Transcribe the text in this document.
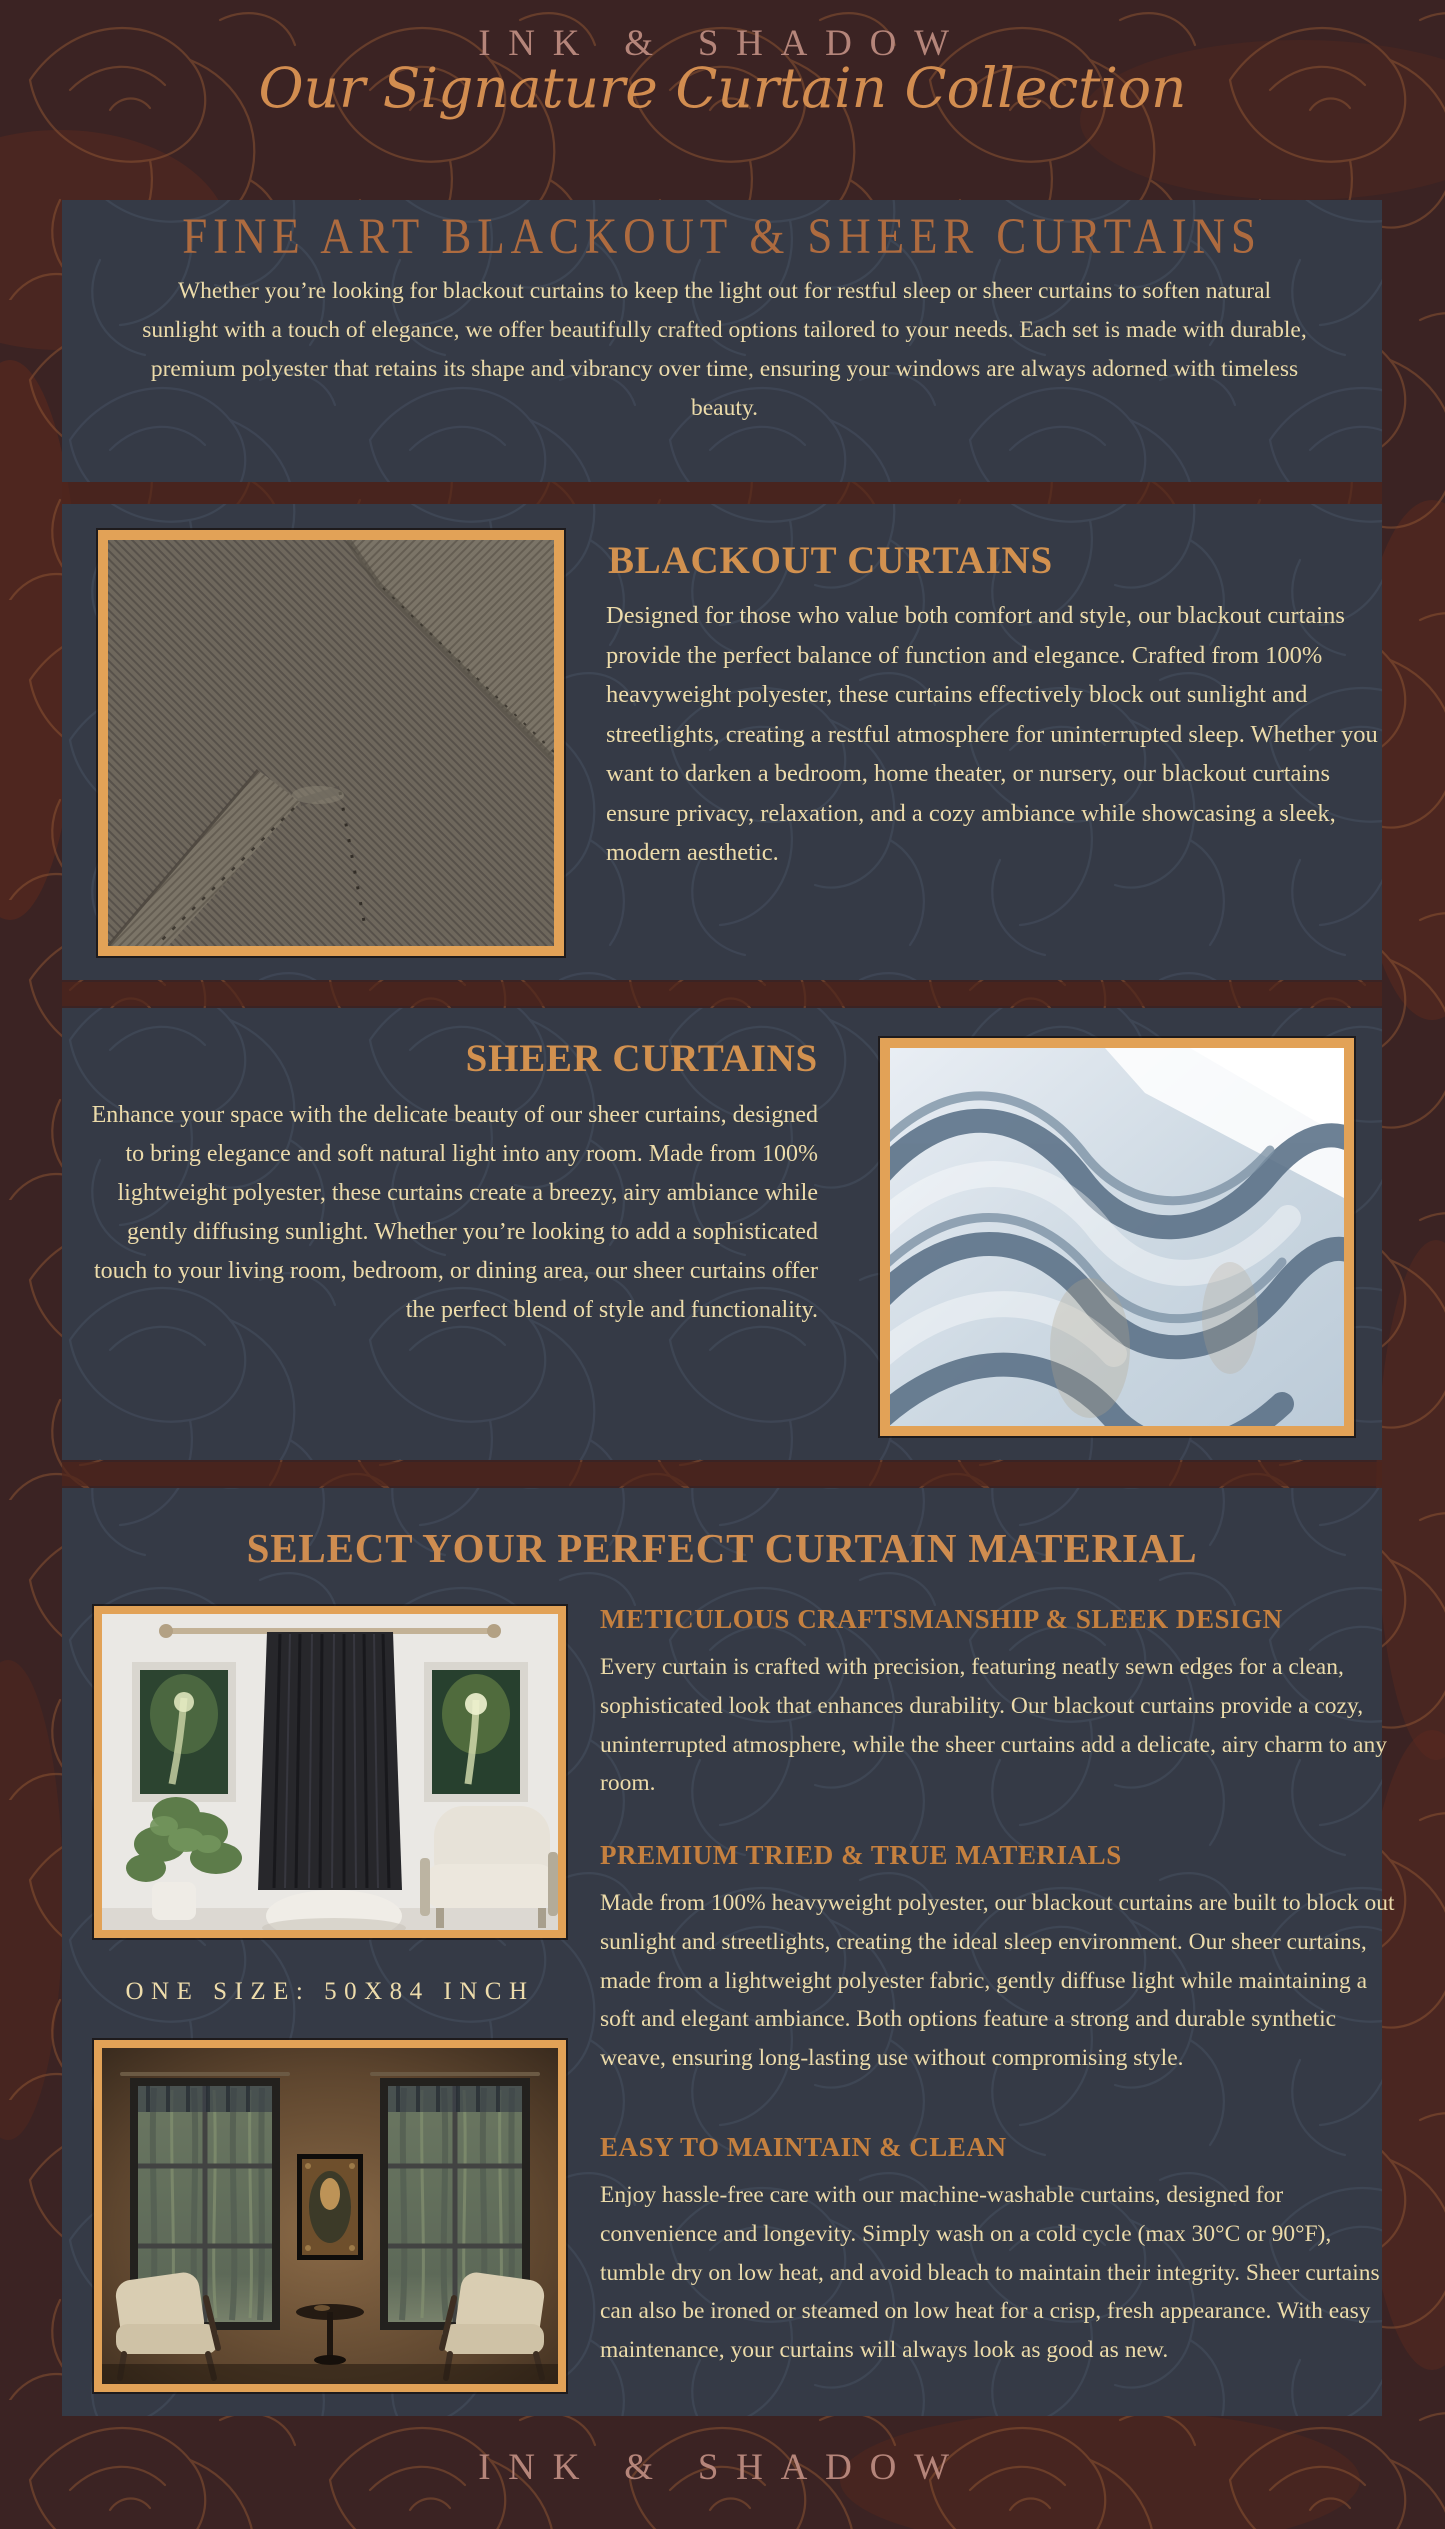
INK & SHADOW
Our Signature Curtain Collection
FINE ART BLACKOUT & SHEER CURTAINS

Whether you’re looking for blackout curtains to keep the light out for restful sleep or sheer curtains to soften natural sunlight with a touch of elegance, we offer beautifully crafted options tailored to your needs. Each set is made with durable, premium polyester that retains its shape and vibrancy over time, ensuring your windows are always adorned with timeless beauty.

BLACKOUT CURTAINS

Designed for those who value both comfort and style, our blackout curtains provide the perfect balance of function and elegance. Crafted from 100% heavyweight polyester, these curtains effectively block out sunlight and streetlights, creating a restful atmosphere for uninterrupted sleep. Whether you want to darken a bedroom, home theater, or nursery, our blackout curtains ensure privacy, relaxation, and a cozy ambiance while showcasing a sleek, modern aesthetic.

SHEER CURTAINS

Enhance your space with the delicate beauty of our sheer curtains, designed to bring elegance and soft natural light into any room. Made from 100% lightweight polyester, these curtains create a breezy, airy ambiance while gently diffusing sunlight. Whether you’re looking to add a sophisticated touch to your living room, bedroom, or dining area, our sheer curtains offer the perfect blend of style and functionality.

SELECT YOUR PERFECT CURTAIN MATERIAL
ONE SIZE: 50X84 INCH
METICULOUS CRAFTSMANSHIP & SLEEK DESIGN

Every curtain is crafted with precision, featuring neatly sewn edges for a clean, sophisticated look that enhances durability. Our blackout curtains provide a cozy, uninterrupted atmosphere, while the sheer curtains add a delicate, airy charm to any room.

PREMIUM TRIED & TRUE MATERIALS

Made from 100% heavyweight polyester, our blackout curtains are built to block out sunlight and streetlights, creating the ideal sleep environment. Our sheer curtains, made from a lightweight polyester fabric, gently diffuse light while maintaining a soft and elegant ambiance. Both options feature a strong and durable synthetic weave, ensuring long-lasting use without compromising style.

EASY TO MAINTAIN & CLEAN

Enjoy hassle-free care with our machine-washable curtains, designed for convenience and longevity. Simply wash on a cold cycle (max 30°C or 90°F), tumble dry on low heat, and avoid bleach to maintain their integrity. Sheer curtains can also be ironed or steamed on low heat for a crisp, fresh appearance. With easy maintenance, your curtains will always look as good as new.

INK & SHADOW
